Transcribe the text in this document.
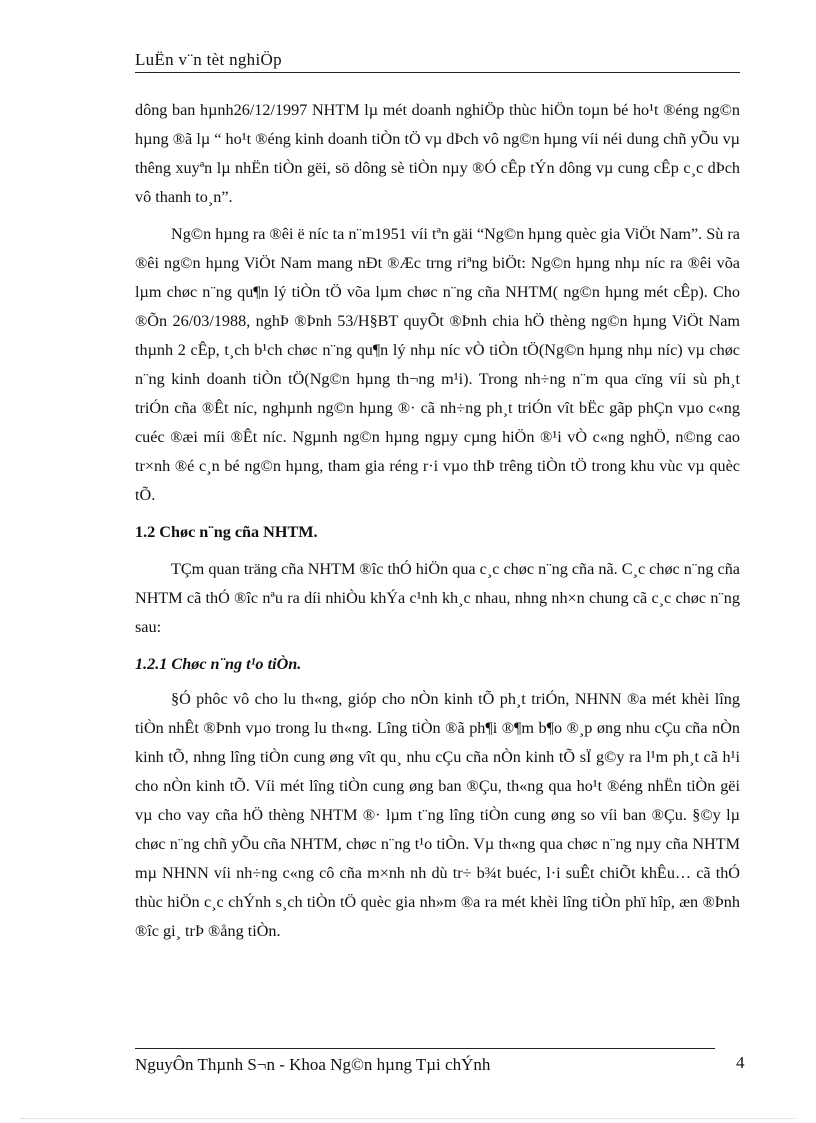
LuËn v¨n tèt nghiÖp

dông ban hµnh26/12/1997 NHTM lµ mét doanh nghiÖp thùc hiÖn toµn bé ho¹t ®éng ng©n hµng ®ã lµ “ ho¹t ®éng kinh doanh tiÒn tÖ vµ dÞch vô ng©n hµng víi néi dung chñ yÕu vµ thêng xuyªn lµ nhËn tiÒn gëi, sö dông sè tiÒn nµy ®Ó cÊp tÝn dông vµ cung cÊp c¸c dÞch vô thanh to¸n”.

Ng©n hµng ra ®êi ë níc ta n¨m1951 víi tªn gäi “Ng©n hµng quèc gia ViÖt Nam”. Sù ra ®êi ng©n hµng ViÖt Nam mang nÐt ®Æc trng riªng biÖt: Ng©n hµng nhµ níc ra ®êi võa lµm chøc n¨ng qu¶n lý tiÒn tÖ võa lµm chøc n¨ng cña NHTM( ng©n hµng mét cÊp). Cho ®Õn 26/03/1988, nghÞ ®Þnh 53/H§BT quyÕt ®Þnh chia hÖ thèng ng©n hµng ViÖt Nam thµnh 2 cÊp, t¸ch b¹ch chøc n¨ng qu¶n lý nhµ níc vÒ tiÒn tÖ(Ng©n hµng nhµ níc) vµ chøc n¨ng kinh doanh tiÒn tÖ(Ng©n hµng th¬ng m¹i). Trong nh÷ng n¨m qua cïng víi sù ph¸t triÓn cña ®Êt níc, nghµnh ng©n hµng ®· cã nh÷ng ph¸t triÓn vît bËc gãp phÇn vµo c«ng cuéc ®æi míi ®Êt níc. Ngµnh ng©n hµng ngµy cµng hiÖn ®¹i vÒ c«ng nghÖ, n©ng cao tr×nh ®é c¸n bé ng©n hµng, tham gia réng r·i vµo thÞ trêng tiÒn tÖ trong khu vùc vµ quèc tÕ.

1.2 Chøc n¨ng cña NHTM.

TÇm quan träng cña NHTM ®îc thÓ hiÖn qua c¸c chøc n¨ng cña nã. C¸c chøc n¨ng cña NHTM cã thÓ ®îc nªu ra díi nhiÒu khÝa c¹nh kh¸c nhau, nhng nh×n chung cã c¸c chøc n¨ng sau:

1.2.1 Chøc n¨ng t¹o tiÒn.

§Ó phôc vô cho lu th«ng, gióp cho nÒn kinh tÕ ph¸t triÓn, NHNN ®a mét khèi lîng tiÒn nhÊt ®Þnh vµo trong lu th«ng. Lîng tiÒn ®ã ph¶i ®¶m b¶o ®¸p øng nhu cÇu cña nÒn kinh tÕ, nhng lîng tiÒn cung øng vît qu¸ nhu cÇu cña nÒn kinh tÕ sÏ g©y ra l¹m ph¸t cã h¹i cho nÒn kinh tÕ. Víi mét lîng tiÒn cung øng ban ®Çu, th«ng qua ho¹t ®éng nhËn tiÒn gëi vµ cho vay cña hÖ thèng NHTM ®· lµm t¨ng lîng tiÒn cung øng so víi ban ®Çu. §©y lµ chøc n¨ng chñ yÕu cña NHTM, chøc n¨ng t¹o tiÒn. Vµ th«ng qua chøc n¨ng nµy cña NHTM mµ NHNN víi nh÷ng c«ng cô cña m×nh nh dù tr÷ b¾t buéc, l·i suÊt chiÕt khÊu… cã thÓ thùc hiÖn c¸c chÝnh s¸ch tiÒn tÖ quèc gia nh»m ®a ra mét khèi lîng tiÒn phï hîp, æn ®Þnh ®îc gi¸ trÞ ®ång tiÒn.

NguyÔn Thµnh S¬n - Khoa Ng©n hµng Tµi chÝnh	4
